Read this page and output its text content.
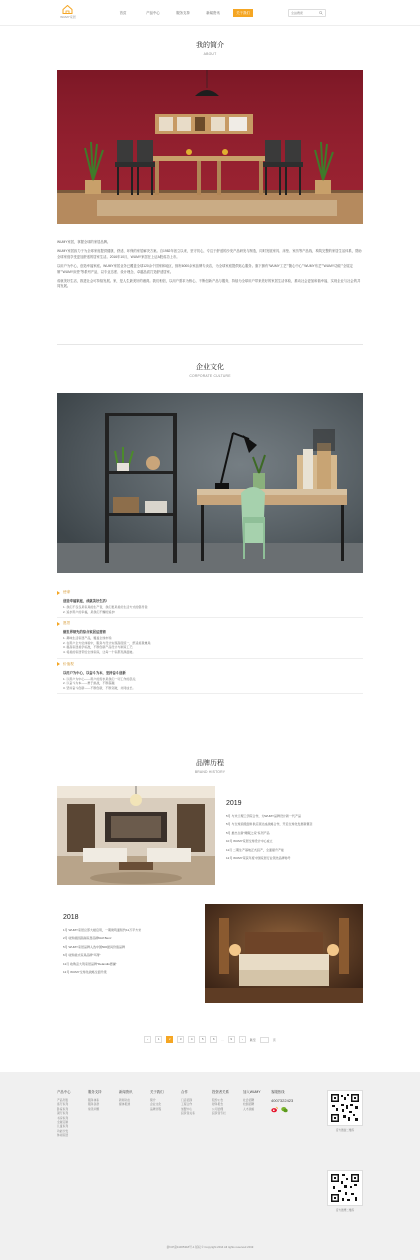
WUMY家居
首页	产品中心	服务支持	新闻资讯	关于我们
全站搜索
我的简介
ABOUT

WUMY家居，掌握全球的家居品牌。

WUMY家居致力于为全球家庭提供健康、舒适、环保的家居解决方案。自1982年创立以来，坚守初心，专注于舒适的沙发产品研发与制造，同时发展家具、床垫、家纺等产品线，构筑完整的家居生活体系，帮助全球家庭享受更加舒适的居家生活。2016年10月，WUMY家居在上证A股成功上市。

以用户为中心，创造幸福家庭。WUMY家居业务已覆盖全球120余个国家和地区，拥有6000余家品牌专卖店，为全球家庭提供贴心服务。旗下拥有"WUMY工艺""随心中心""WUMY布艺""WUMY功能""全屋定制""WUMY床垫"等系列产品，以专业态度、设计理念、卓越品质打造舒适居家。

成就美好生活，推进社会可持续发展。家，是人生最美好的港湾。我们相信，以用户需求为核心，不断创新产品与服务，持续为全球用户带来美好的家居生活体验，推动社会更加和谐幸福，实现企业与社会的共同发展。

企业文化
CORPORATE CULTURE
使命
创造幸福家庭，成就美好生活!
1. 我们不仅仅是家具的生产者，我们更是美好生活方式的倡导者;
2. 追求用户的幸福，是我们不懈的追求!
愿景
做世界领先的综合家居运营商
1. 趣味生活家居产品，覆盖全球市场;
2. 在用户全方位体验中，服务与设计实现高度统一，舒适美观兼具;
3. 提高家居美学标准，不断创新产品设计与制造工艺;
4. 将美的家居带给全球家庭，让每一个家都充满温暖。
价值观
以用户为中心，以奋斗为本，坚持奋斗创新
1. 以用户为中心——用户的需求是我们一切工作的起点;
2. 以奋斗为本——勇于挑战，不断超越;
3. 坚持奋斗创新——不断创新，不断突破，共同成长。
品牌历程
BRAND HISTORY
2019
5月 与米兰理工学院合作，为WUMY品牌设计新一代产品
5月 与全球顶级面料供应商达成战略合作，开启全球化发展新篇章
5月 推出全新"睡眠之家"系列产品
10月 WUMY家居全球设计中心成立
11月 二期生产基地正式投产，全面提升产能
12月 WUMY荣获年度中国家居行业领先品牌称号
2018
1月 WUMY家居总部大楼启用，一期建筑面积约11万平方米
2月 收购美国高端家居品牌Rolf Benz
5月 WUMY家居品牌入选中国500最具价值品牌
6月 收购美式家具品牌"玛蒂"
11月 收购意大利家居品牌"Delandis德澜"
12月 WUMY全球化战略全面升级
‹	1	2	3	4	5	6	...	9	›	跳至	页
产品中心
产品列表
客厅系列
卧室系列
餐厅系列
书房系列
全屋定制
儿童系列
功能沙发
休闲家居
服务支持
服务体系
服务条款
常见问题
新闻资讯
新闻动态
媒体报道
关于我们
简介
企业文化
品牌历程
合作
门店招商
工程合作
加盟中心
投资者关系
投资者关系
股份公告
财务报告
公司治理
投资者专栏
加入WUMY
社会招聘
校园招聘
人才战略
客服热线
4007322423
官方微信二维码
官方微博二维码
浙ICP备11005318号-1 版权 © Copyright 2014 All rights reserved 2019
